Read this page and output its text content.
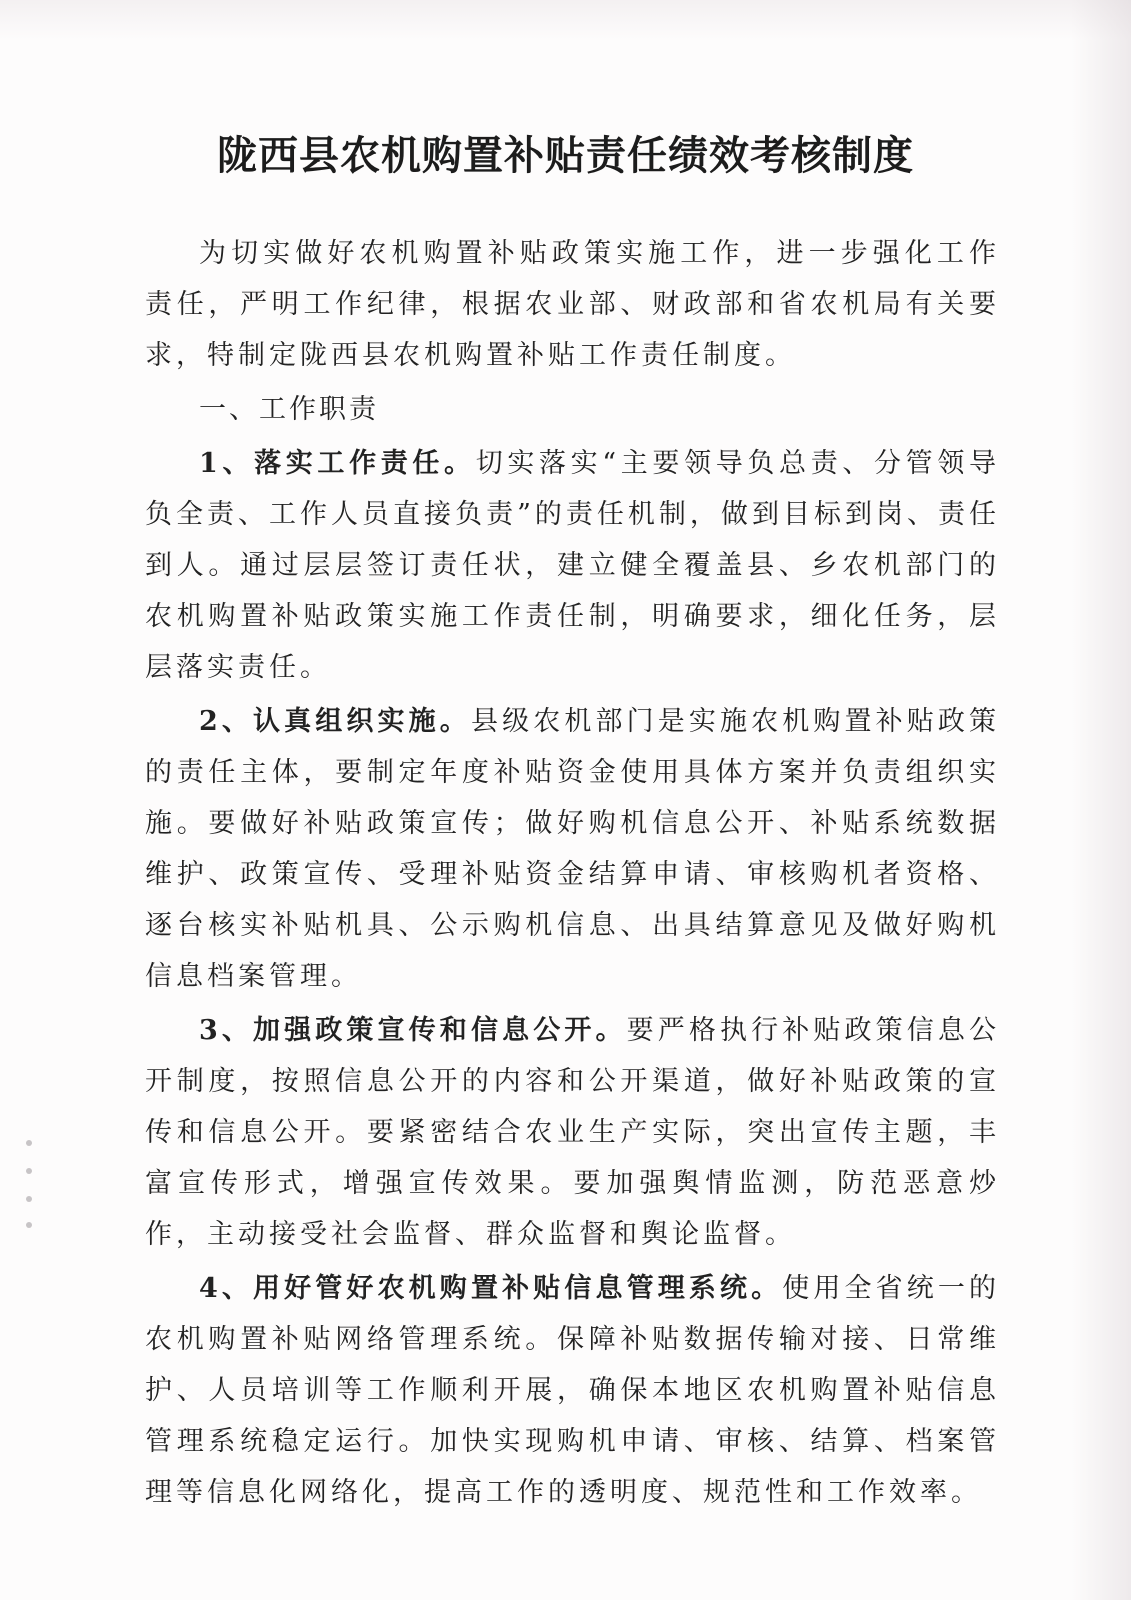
陇西县农机购置补贴责任绩效考核制度

为切实做好农机购置补贴政策实施工作，进一步强化工作责任，严明工作纪律，根据农业部、财政部和省农机局有关要求，特制定陇西县农机购置补贴工作责任制度。

一、工作职责

1、落实工作责任。切实落实“主要领导负总责、分管领导负全责、工作人员直接负责”的责任机制，做到目标到岗、责任到人。通过层层签订责任状，建立健全覆盖县、乡农机部门的农机购置补贴政策实施工作责任制，明确要求，细化任务，层层落实责任。

2、认真组织实施。县级农机部门是实施农机购置补贴政策的责任主体，要制定年度补贴资金使用具体方案并负责组织实施。要做好补贴政策宣传；做好购机信息公开、补贴系统数据维护、政策宣传、受理补贴资金结算申请、审核购机者资格、逐台核实补贴机具、公示购机信息、出具结算意见及做好购机信息档案管理。

3、加强政策宣传和信息公开。要严格执行补贴政策信息公开制度，按照信息公开的内容和公开渠道，做好补贴政策的宣传和信息公开。要紧密结合农业生产实际，突出宣传主题，丰富宣传形式，增强宣传效果。要加强舆情监测，防范恶意炒作，主动接受社会监督、群众监督和舆论监督。

4、用好管好农机购置补贴信息管理系统。使用全省统一的农机购置补贴网络管理系统。保障补贴数据传输对接、日常维护、人员培训等工作顺利开展，确保本地区农机购置补贴信息管理系统稳定运行。加快实现购机申请、审核、结算、档案管理等信息化网络化，提高工作的透明度、规范性和工作效率。
